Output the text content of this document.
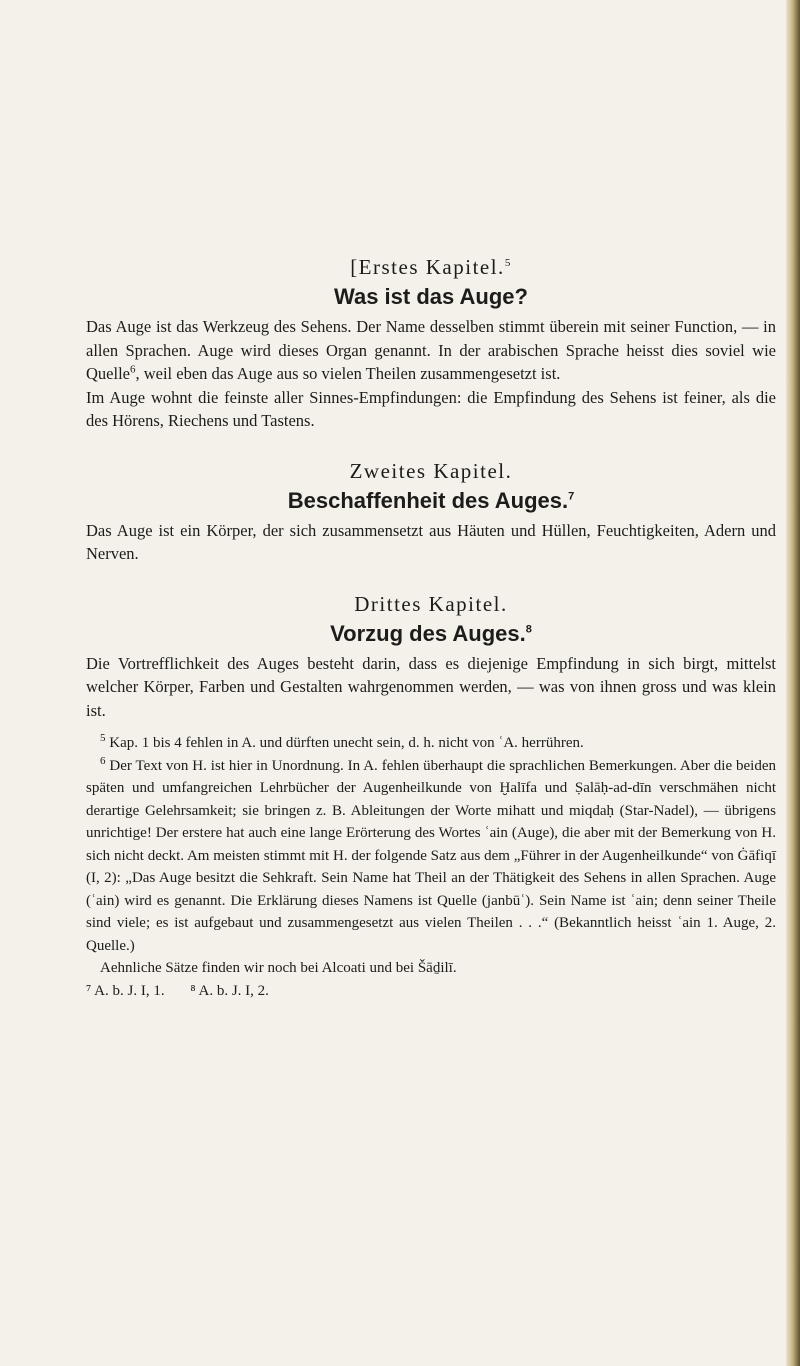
[Erstes Kapitel.$^5$

Was ist das Auge?

Das Auge ist das Werkzeug des Sehens. Der Name desselben stimmt überein mit seiner Function, — in allen Sprachen. Auge wird dieses Organ genannt. In der arabischen Sprache heisst dies soviel wie Quelle$^6$, weil eben das Auge aus so vielen Theilen zusammengesetzt ist.

Im Auge wohnt die feinste aller Sinnes-Empfindungen: die Empfindung des Sehens ist feiner, als die des Hörens, Riechens und Tastens.

Zweites Kapitel.

Beschaffenheit des Auges.$^7$

Das Auge ist ein Körper, der sich zusammensetzt aus Häuten und Hüllen, Feuchtigkeiten, Adern und Nerven.

Drittes Kapitel.

Vorzug des Auges.$^8$

Die Vortrefflichkeit des Auges besteht darin, dass es diejenige Empfindung in sich birgt, mittelst welcher Körper, Farben und Gestalten wahrgenommen werden, — was von ihnen gross und was klein ist.

$^5$ Kap. 1 bis 4 fehlen in A. und dürften unecht sein, d. h. nicht von ʿA. herrühren.

$^6$ Der Text von H. ist hier in Unordnung. In A. fehlen überhaupt die sprachlichen Bemerkungen. Aber die beiden späten und umfangreichen Lehrbücher der Augenheilkunde von Ḫalīfa und Ṣalāḥ-ad-dīn verschmähen nicht derartige Gelehrsamkeit; sie bringen z. B. Ableitungen der Worte mihatt und miqdaḥ (Star-Nadel), — übrigens unrichtige! Der erstere hat auch eine lange Erörterung des Wortes ʿain (Auge), die aber mit der Bemerkung von H. sich nicht deckt. Am meisten stimmt mit H. der folgende Satz aus dem „Führer in der Augenheilkunde“ von Ġāfiqī (I, 2): „Das Auge besitzt die Sehkraft. Sein Name hat Theil an der Thätigkeit des Sehens in allen Sprachen. Auge (ʿain) wird es genannt. Die Erklärung dieses Namens ist Quelle (janbūʿ). Sein Name ist ʿain; denn seiner Theile sind viele; es ist aufgebaut und zusammengesetzt aus vielen Theilen . . .“ (Bekanntlich heisst ʿain 1. Auge, 2. Quelle.)

Aehnliche Sätze finden wir noch bei Alcoati und bei Šāḏilī.

⁷ A. b. J. I, 1. ⁸ A. b. J. I, 2.
